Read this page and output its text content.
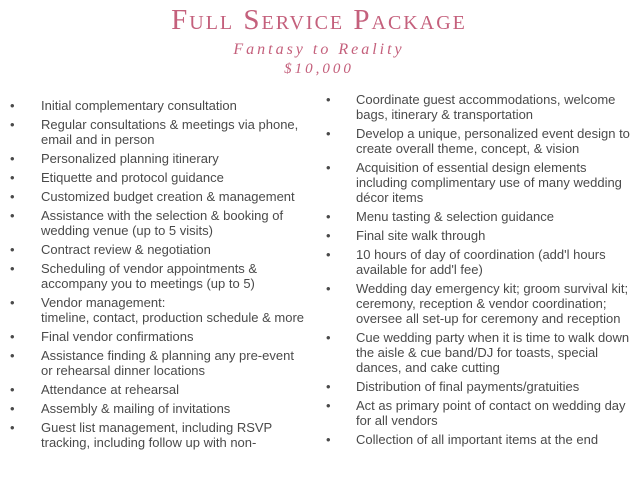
Full Service Package
Fantasy to Reality
$10,000
•	Initial complementary consultation
•	Regular consultations & meetings via phone, email and in person
•	Personalized planning itinerary
•	Etiquette and protocol guidance
•	Customized budget creation & management
•	Assistance with the selection & booking of wedding venue (up to 5 visits)
•	Contract review & negotiation
•	Scheduling of vendor appointments & accompany you to meetings (up to 5)
•	Vendor management:
timeline, contact, production schedule & more
•	Final vendor confirmations
•	Assistance finding & planning any pre-event or rehearsal dinner locations
•	Attendance at rehearsal
•	Assembly & mailing of invitations
•	Guest list management, including RSVP tracking, including follow up with non-
•	Coordinate guest accommodations, welcome bags, itinerary & transportation
•	Develop a unique, personalized event design to create overall theme, concept, & vision
•	Acquisition of essential design elements including complimentary use of many wedding décor items
•	Menu tasting & selection guidance
•	Final site walk through
•	10 hours of day of coordination (add'l hours available for add'l fee)
•	Wedding day emergency kit; groom survival kit; ceremony, reception & vendor coordination; oversee all set-up for ceremony and reception
•	Cue wedding party when it is time to walk down the aisle & cue band/DJ for toasts, special dances, and cake cutting
•	Distribution of final payments/gratuities
•	Act as primary point of contact on wedding day for all vendors
•	Collection of all important items at the end
